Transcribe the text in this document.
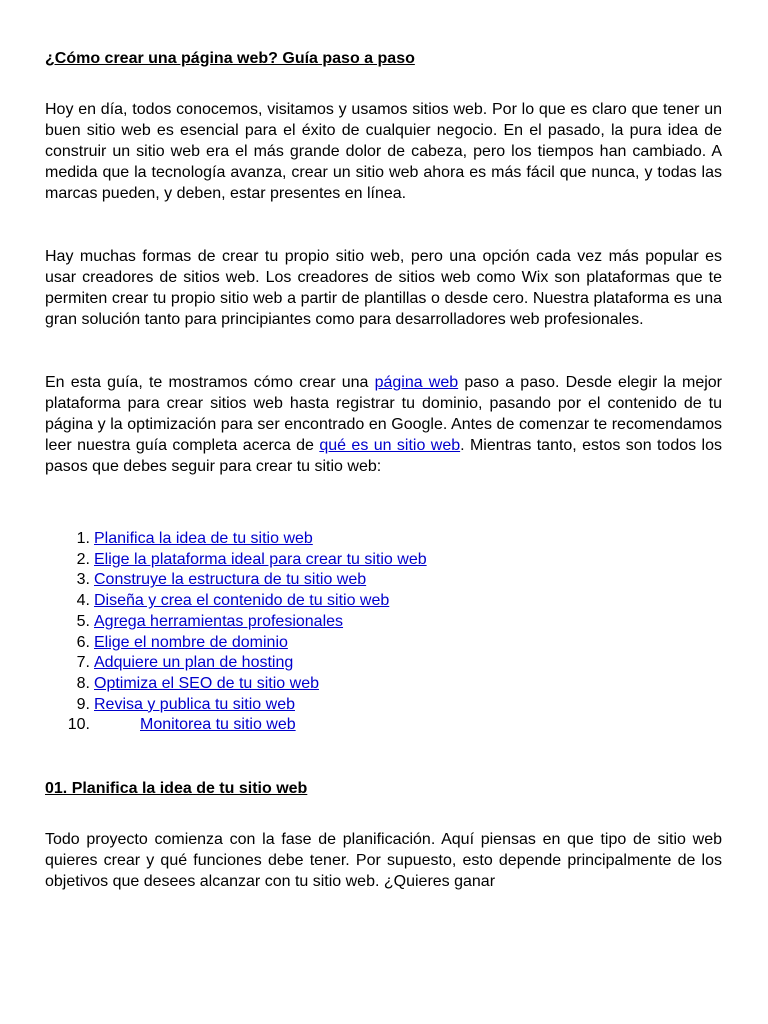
¿Cómo crear una página web? Guía paso a paso

Hoy en día, todos conocemos, visitamos y usamos sitios web. Por lo que es claro que tener un buen sitio web es esencial para el éxito de cualquier negocio. En el pasado, la pura idea de construir un sitio web era el más grande dolor de cabeza, pero los tiempos han cambiado. A medida que la tecnología avanza, crear un sitio web ahora es más fácil que nunca, y todas las marcas pueden, y deben, estar presentes en línea.

Hay muchas formas de crear tu propio sitio web, pero una opción cada vez más popular es usar creadores de sitios web. Los creadores de sitios web como Wix son plataformas que te permiten crear tu propio sitio web a partir de plantillas o desde cero. Nuestra plataforma es una gran solución tanto para principiantes como para desarrolladores web profesionales.

En esta guía, te mostramos cómo crear una página web paso a paso. Desde elegir la mejor plataforma para crear sitios web hasta registrar tu dominio, pasando por el contenido de tu página y la optimización para ser encontrado en Google. Antes de comenzar te recomendamos leer nuestra guía completa acerca de qué es un sitio web. Mientras tanto, estos son todos los pasos que debes seguir para crear tu sitio web:

1. Planifica la idea de tu sitio web
2. Elige la plataforma ideal para crear tu sitio web
3. Construye la estructura de tu sitio web
4. Diseña y crea el contenido de tu sitio web
5. Agrega herramientas profesionales
6. Elige el nombre de dominio
7. Adquiere un plan de hosting
8. Optimiza el SEO de tu sitio web
9. Revisa y publica tu sitio web
10.	Monitorea tu sitio web
01. Planifica la idea de tu sitio web

Todo proyecto comienza con la fase de planificación. Aquí piensas en que tipo de sitio web quieres crear y qué funciones debe tener. Por supuesto, esto depende principalmente de los objetivos que desees alcanzar con tu sitio web. ¿Quieres ganar
